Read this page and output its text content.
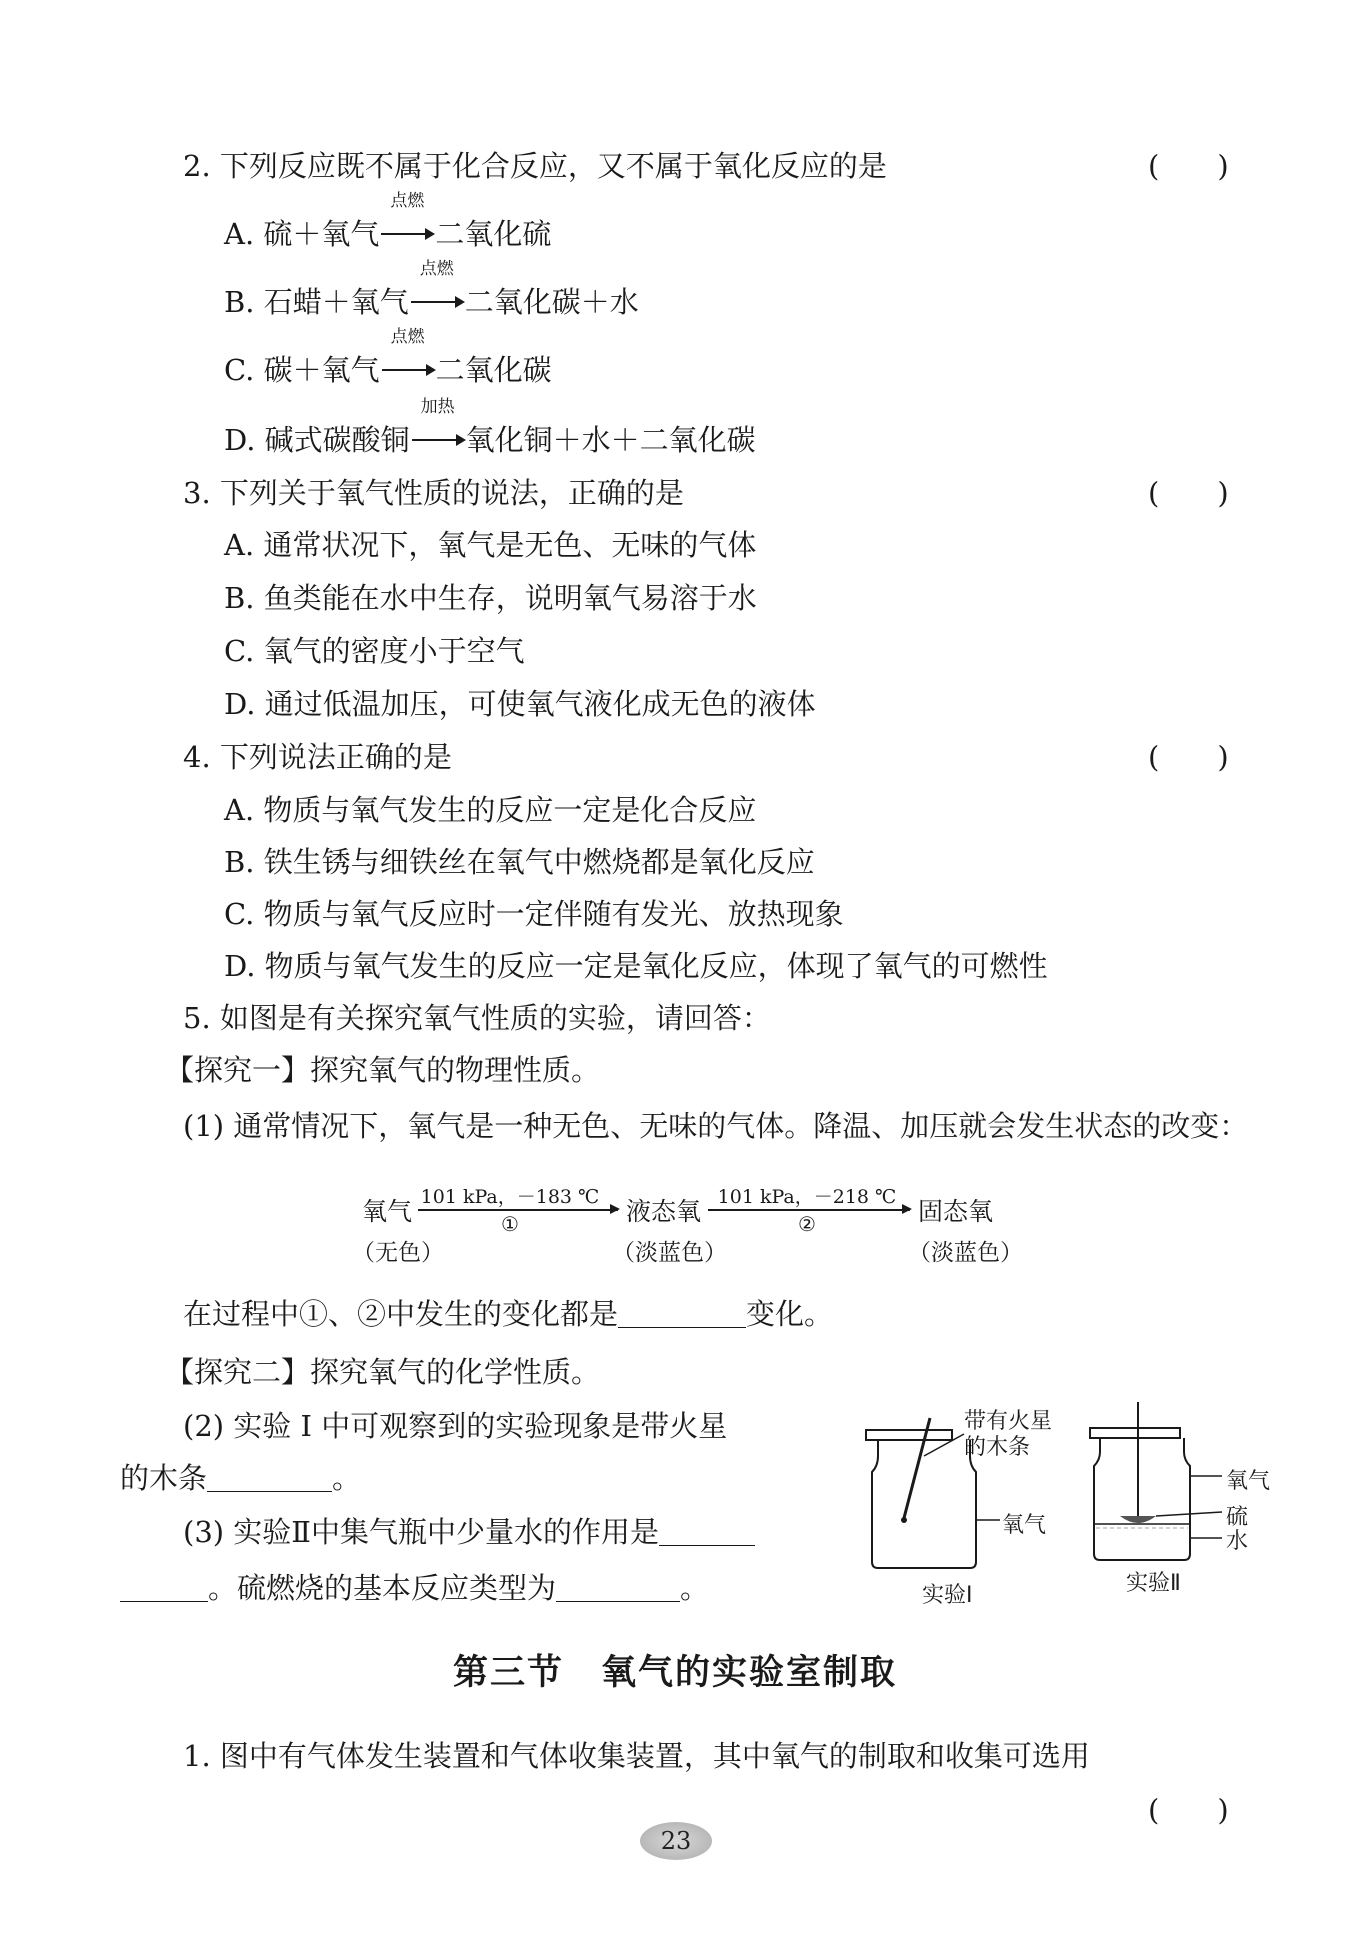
2. 下列反应既不属于化合反应，又不属于氧化反应的是	(　　)
A. 硫＋氧气
点燃
二氧化硫
B. 石蜡＋氧气
点燃
二氧化碳＋水
C. 碳＋氧气
点燃
二氧化碳
D. 碱式碳酸铜
加热
氧化铜＋水＋二氧化碳
3. 下列关于氧气性质的说法，正确的是	(　　)
A. 通常状况下，氧气是无色、无味的气体
B. 鱼类能在水中生存，说明氧气易溶于水
C. 氧气的密度小于空气
D. 通过低温加压，可使氧气液化成无色的液体
4. 下列说法正确的是	(　　)
A. 物质与氧气发生的反应一定是化合反应
B. 铁生锈与细铁丝在氧气中燃烧都是氧化反应
C. 物质与氧气反应时一定伴随有发光、放热现象
D. 物质与氧气发生的反应一定是氧化反应，体现了氧气的可燃性
5. 如图是有关探究氧气性质的实验，请回答：
【探究一】探究氧气的物理性质。
(1) 通常情况下，氧气是一种无色、无味的气体。降温、加压就会发生状态的改变：
氧气 101 kPa，－183 ℃
①	液态氧 101 kPa，－218 ℃
②	固态氧
（无色）	（淡蓝色）	（淡蓝色）
在过程中①、②中发生的变化都是	变化。
【探究二】探究氧气的化学性质。
(2) 实验 Ⅰ 中可观察到的实验现象是带火星
的木条	。
(3) 实验Ⅱ中集气瓶中少量水的作用是
。硫燃烧的基本反应类型为	。
带有火星
的木条
氧气
实验Ⅰ
氧气
硫
水
实验Ⅱ
第三节　氧气的实验室制取
1. 图中有气体发生装置和气体收集装置，其中氧气的制取和收集可选用
(　　)
23
